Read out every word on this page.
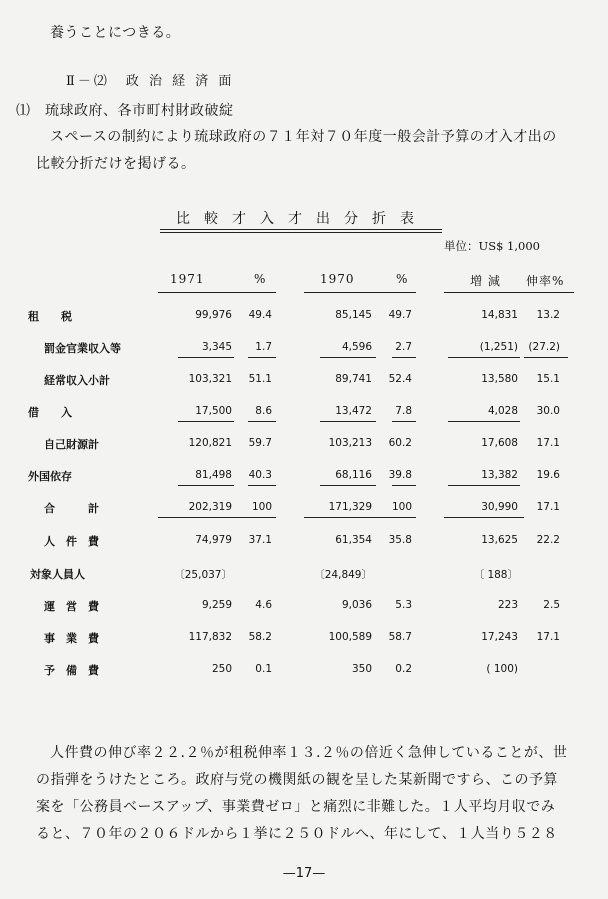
養うことにつきる。
Ⅱ－⑵　政 治 経 済 面
⑴　琉球政府、各市町村財政破綻
スペースの制約により琉球政府の７１年対７０年度一般会計予算の才入才出の
比較分折だけを掲げる。
比較才入才出分折表
単位：US$ 1,000
1971	%	1970	%	増 減 伸率%
租　　税	99,976	49.4	85,145	49.7	14,831	13.2
罰金官業収入等	3,345	1.7	4,596	2.7	(1,251) (27.2)
経常収入小計	103,321	51.1	89,741	52.4	13,580	15.1
借　　入	17,500	8.6	13,472	7.8	4,028	30.0
自己財源計	120,821	59.7	103,213	60.2	17,608	17.1
外国依存	81,498	40.3	68,116	39.8	13,382	19.6
合　　　計	202,319	100	171,329	100	30,990	17.1
人　件　費	74,979	37.1	61,354	35.8	13,625	22.2
対象人員人	〔25,037〕	〔24,849〕	〔 188〕
運　営　費	9,259	4.6	9,036	5.3	223	2.5
事　業　費	117,832	58.2	100,589	58.7	17,243	17.1
予　備　費	250	0.1	350	0.2	( 100)
人件費の伸び率２２.２％が租税伸率１３.２％の倍近く急伸していることが、世
の指弾をうけたところ。政府与党の機関紙の観を呈した某新聞ですら、この予算
案を「公務員ベースアップ、事業費ゼロ」と痛烈に非難した。１人平均月収でみ
ると、７０年の２０６ドルから１挙に２５０ドルへ、年にして、１人当り５２８
—17—
